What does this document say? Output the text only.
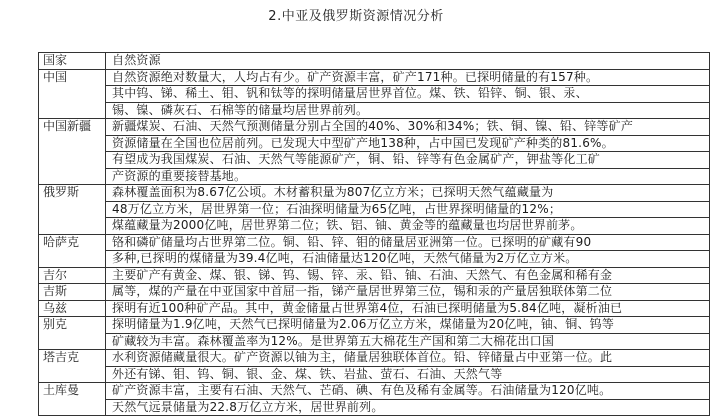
2.中亚及俄罗斯资源情况分析
国家	自然资源
中国	自然资源绝对数量大，人均占有少。矿产资源丰富，矿产171种。已探明储量的有157种。
其中钨、锑、稀土、钼、钒和钛等的探明储量居世界首位。煤、铁、铅锌、铜、银、汞、
锡、镍、磷灰石、石棉等的储量均居世界前列。
中国新疆	新疆煤炭、石油、天然气预测储量分别占全国的40%、30%和34%；铁、铜、镍、铅、锌等矿产
资源储量在全国也位居前列。已发现大中型矿产地138种，占中国已发现矿产种类的81.6%。
有望成为我国煤炭、石油、天然气等能源矿产，铜、铅、锌等有色金属矿产，钾盐等化工矿
产资源的重要接替基地。
俄罗斯	森林覆盖面积为8.67亿公顷。木材蓄积量为807亿立方米；已探明天然气蕴藏量为
48万亿立方米，居世界第一位；石油探明储量为65亿吨，占世界探明储量的12%；
煤蕴藏量为2000亿吨，居世界第二位；铁、铝、铀、黄金等的蕴藏量也均居世界前茅。
哈萨克	铬和磷矿储量均占世界第二位。铜、铅、锌、钼的储量居亚洲第一位。已探明的矿藏有90
多种,已探明的煤储量为39.4亿吨，石油储量达120亿吨，天然气储量为2万亿立方米。
吉尔	主要矿产有黄金、煤、银、锑、钨、锡、锌、汞、铅、铀、石油、天然气、有色金属和稀有金
吉斯	属等，煤的产量在中亚国家中首屈一指，锑产量居世界第三位，锡和汞的产量居独联体第二位
乌兹	探明有近100种矿产品。其中，黄金储量占世界第4位，石油已探明储量为5.84亿吨，凝析油已
别克	探明储量为1.9亿吨，天然气已探明储量为2.06万亿立方米，煤储量为20亿吨，铀、铜、钨等
矿藏较为丰富。森林覆盖率为12%。是世界第五大棉花生产国和第二大棉花出口国
塔吉克	水利资源储藏量很大。矿产资源以铀为主，储量居独联体首位。铅、锌储量占中亚第一位。此
外还有锑、钼、钨、铜、银、金、煤、铁、岩盐、萤石、石油、天然气等
土库曼	矿产资源丰富，主要有石油、天然气、芒硝、碘、有色及稀有金属等。石油储量为120亿吨。
天然气远景储量为22.8万亿立方米，居世界前列。
